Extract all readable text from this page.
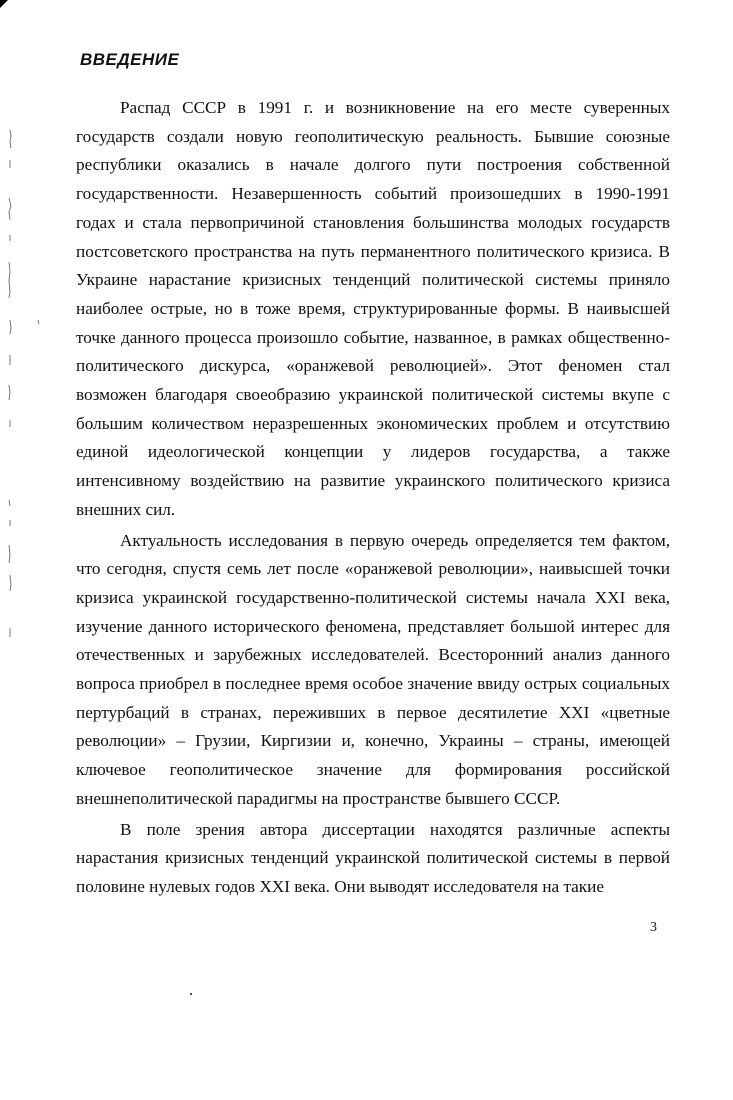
ВВЕДЕНИЕ

Распад СССР в 1991 г. и возникновение на его месте суверенных государств создали новую геополитическую реальность. Бывшие союзные республики оказались в начале долгого пути построения собственной государственности. Незавершенность событий произошедших в 1990-1991 годах и стала первопричиной становления большинства молодых государств постсоветского пространства на путь перманентного политического кризиса. В Украине нарастание кризисных тенденций политической системы приняло наиболее острые, но в тоже время, структурированные формы. В наивысшей точке данного процесса произошло событие, названное, в рамках общественно-политического дискурса, «оранжевой революцией». Этот феномен стал возможен благодаря своеобразию украинской политической системы вкупе с большим количеством неразрешенных экономических проблем и отсутствию единой идеологической концепции у лидеров государства, а также интенсивному воздействию на развитие украинского политического кризиса внешних сил.

Актуальность исследования в первую очередь определяется тем фактом, что сегодня, спустя семь лет после «оранжевой революции», наивысшей точки кризиса украинской государственно-политической системы начала XXI века, изучение данного исторического феномена, представляет большой интерес для отечественных и зарубежных исследователей. Всесторонний анализ данного вопроса приобрел в последнее время особое значение ввиду острых социальных пертурбаций в странах, переживших в первое десятилетие XXI «цветные революции» – Грузии, Киргизии и, конечно, Украины – страны, имеющей ключевое геополитическое значение для формирования российской внешнеполитической парадигмы на пространстве бывшего СССР.

В поле зрения автора диссертации находятся различные аспекты нарастания кризисных тенденций украинской политической системы в первой половине нулевых годов XXI века. Они выводят исследователя на такие

3
